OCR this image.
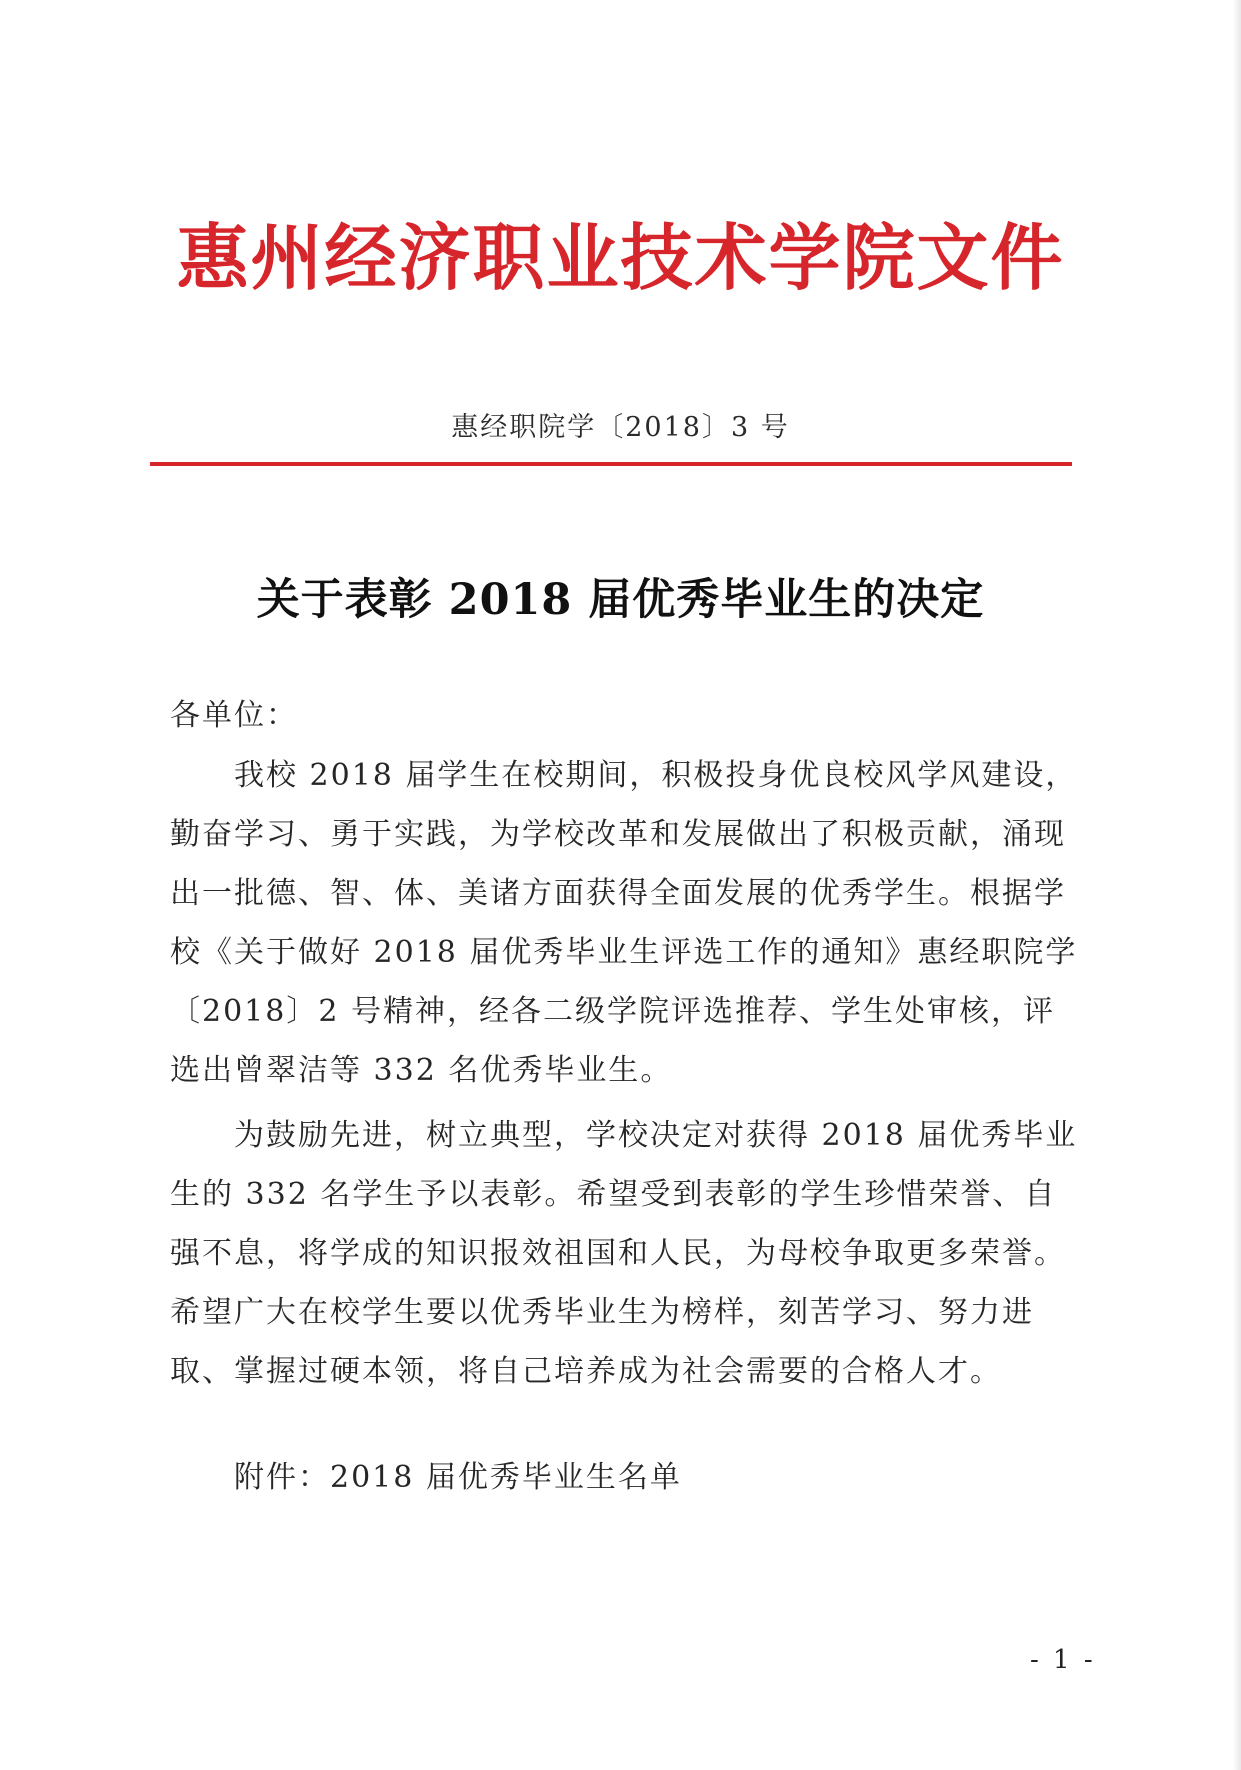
惠州经济职业技术学院文件
惠经职院学〔2018〕3 号
关于表彰 2018 届优秀毕业生的决定

各单位：

我校 2018 届学生在校期间，积极投身优良校风学风建设，勤奋学习、勇于实践，为学校改革和发展做出了积极贡献，涌现出一批德、智、体、美诸方面获得全面发展的优秀学生。根据学校《关于做好 2018 届优秀毕业生评选工作的通知》惠经职院学〔2018〕2 号精神，经各二级学院评选推荐、学生处审核，评选出曾翠洁等 332 名优秀毕业生。

为鼓励先进，树立典型，学校决定对获得 2018 届优秀毕业生的 332 名学生予以表彰。希望受到表彰的学生珍惜荣誉、自强不息，将学成的知识报效祖国和人民，为母校争取更多荣誉。希望广大在校学生要以优秀毕业生为榜样，刻苦学习、努力进取、掌握过硬本领，将自己培养成为社会需要的合格人才。

附件：2018 届优秀毕业生名单

- 1 -
